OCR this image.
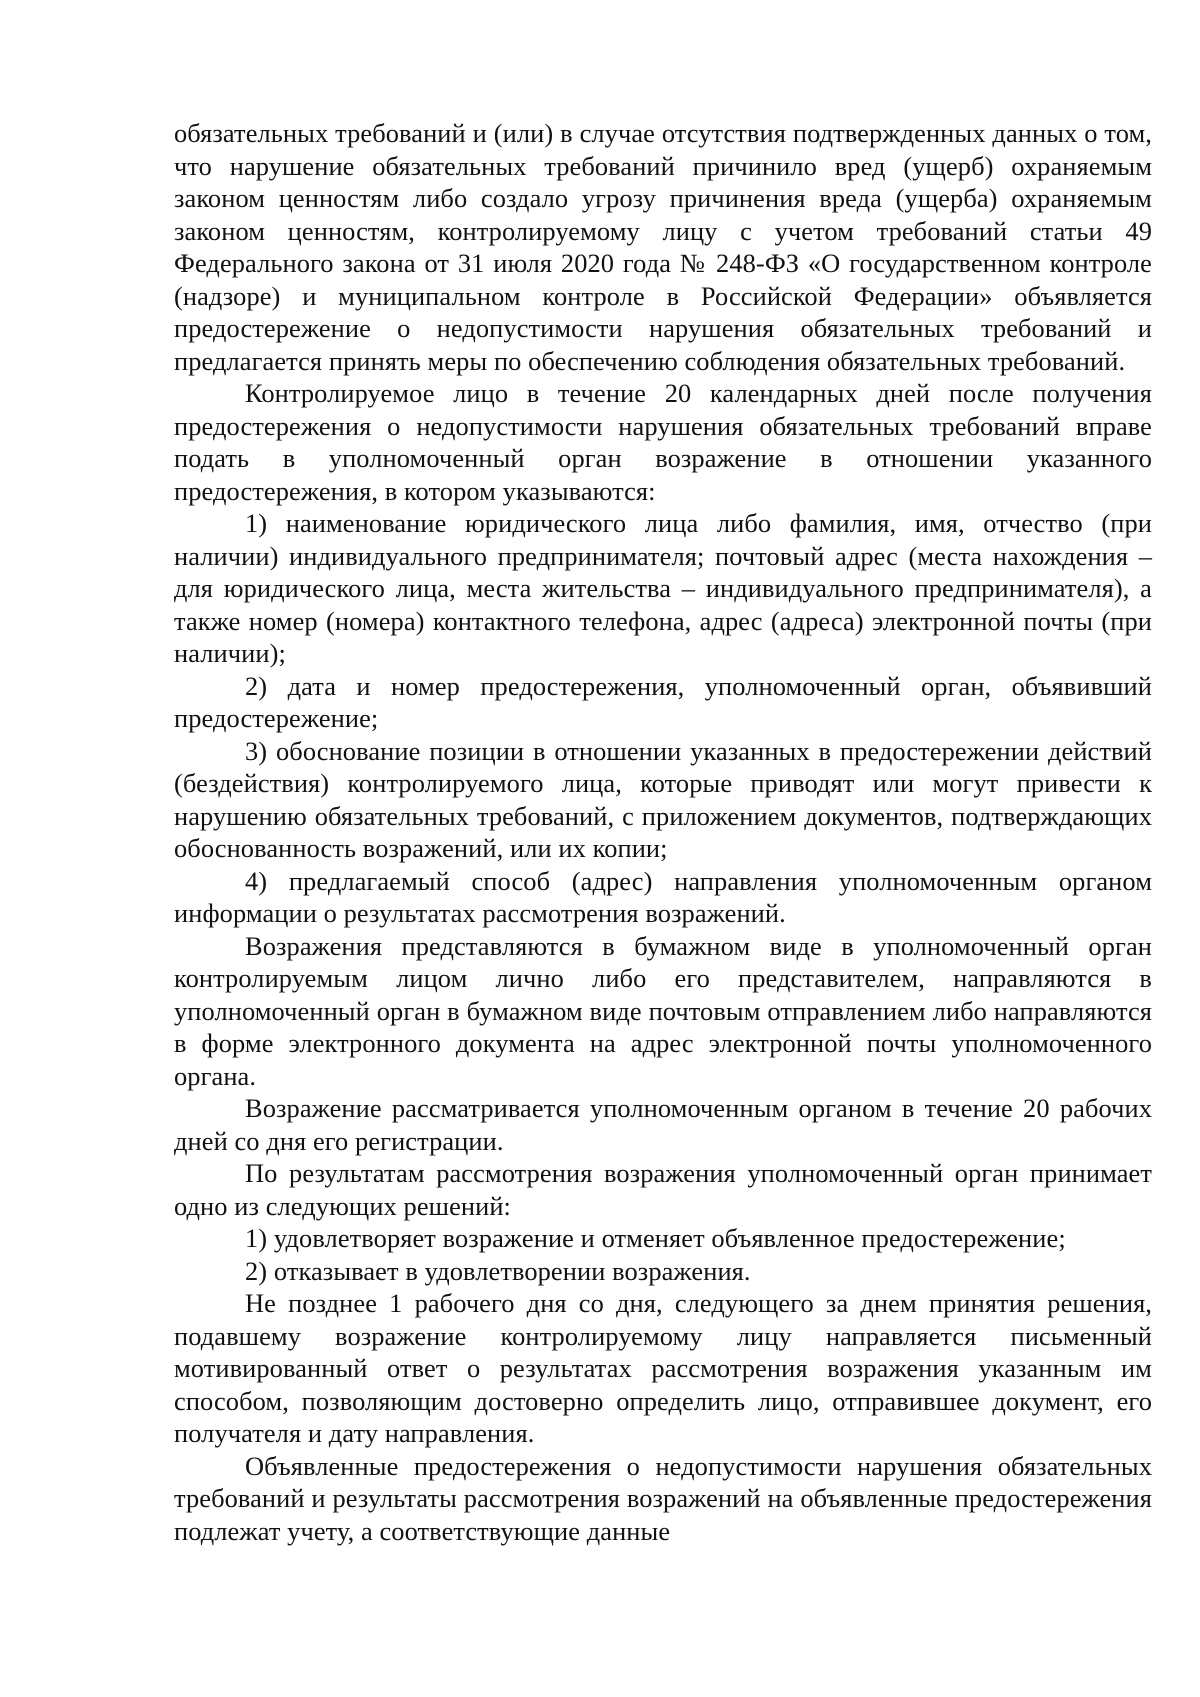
обязательных требований и (или) в случае отсутствия подтвержденных данных о том, что нарушение обязательных требований причинило вред (ущерб) охраняемым законом ценностям либо создало угрозу причинения вреда (ущерба) охраняемым законом ценностям, контролируемому лицу с учетом требований статьи 49 Федерального закона от 31 июля 2020 года № 248-ФЗ «О государственном контроле (надзоре) и муниципальном контроле в Российской Федерации» объявляется предостережение о недопустимости нарушения обязательных требований и предлагается принять меры по обеспечению соблюдения обязательных требований.

Контролируемое лицо в течение 20 календарных дней после получения предостережения о недопустимости нарушения обязательных требований вправе подать в уполномоченный орган возражение в отношении указанного предостережения, в котором указываются:

1) наименование юридического лица либо фамилия, имя, отчество (при наличии) индивидуального предпринимателя; почтовый адрес (места нахождения – для юридического лица, места жительства – индивидуального предпринимателя), а также номер (номера) контактного телефона, адрес (адреса) электронной почты (при наличии);

2) дата и номер предостережения, уполномоченный орган, объявивший предостережение;

3) обоснование позиции в отношении указанных в предостережении действий (бездействия) контролируемого лица, которые приводят или могут привести к нарушению обязательных требований, с приложением документов, подтверждающих обоснованность возражений, или их копии;

4) предлагаемый способ (адрес) направления уполномоченным органом информации о результатах рассмотрения возражений.

Возражения представляются в бумажном виде в уполномоченный орган контролируемым лицом лично либо его представителем, направляются в уполномоченный орган в бумажном виде почтовым отправлением либо направляются в форме электронного документа на адрес электронной почты уполномоченного органа.

Возражение рассматривается уполномоченным органом в течение 20 рабочих дней со дня его регистрации.

По результатам рассмотрения возражения уполномоченный орган принимает одно из следующих решений:

1) удовлетворяет возражение и отменяет объявленное предостережение;

2) отказывает в удовлетворении возражения.

Не позднее 1 рабочего дня со дня, следующего за днем принятия решения, подавшему возражение контролируемому лицу направляется письменный мотивированный ответ о результатах рассмотрения возражения указанным им способом, позволяющим достоверно определить лицо, отправившее документ, его получателя и дату направления.

Объявленные предостережения о недопустимости нарушения обязательных требований и результаты рассмотрения возражений на объявленные предостережения подлежат учету, а соответствующие данные
